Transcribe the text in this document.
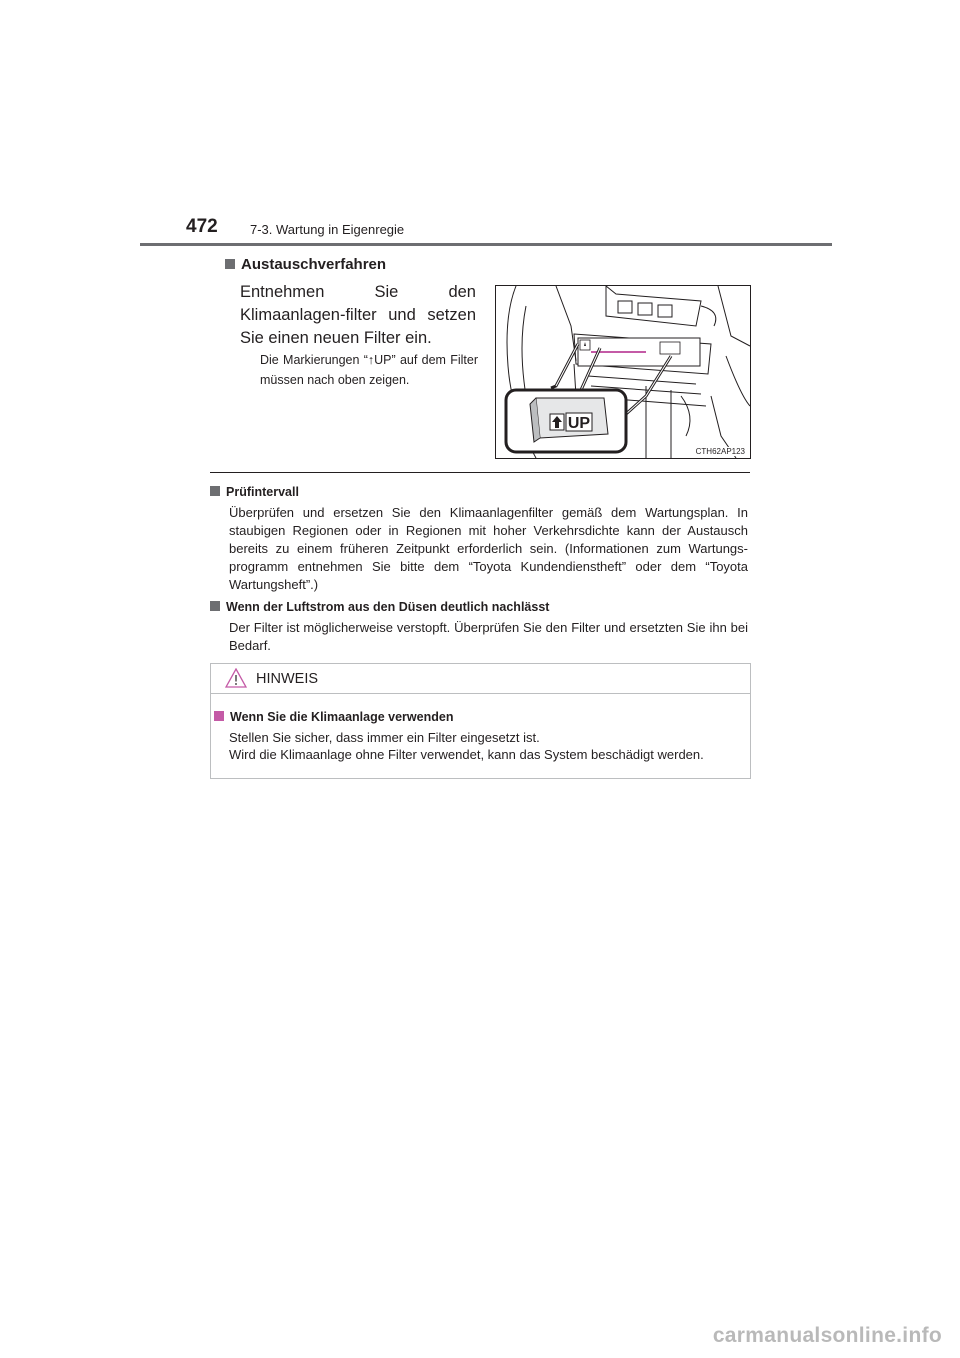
472 7-3. Wartung in Eigenregie
Austauschverfahren
Entnehmen Sie den Klimaanlagen-filter und setzen Sie einen neuen Filter ein.
Die Markierungen “↑UP” auf dem Filter müssen nach oben zeigen.
UP
CTH62AP123
Prüfintervall
Überprüfen und ersetzen Sie den Klimaanlagenfilter gemäß dem Wartungsplan. In staubigen Regionen oder in Regionen mit hoher Verkehrsdichte kann der Austausch bereits zu einem früheren Zeitpunkt erforderlich sein. (Informationen zum Wartungs-programm entnehmen Sie bitte dem “Toyota Kundendienstheft” oder dem “Toyota Wartungsheft”.)
Wenn der Luftstrom aus den Düsen deutlich nachlässt
Der Filter ist möglicherweise verstopft. Überprüfen Sie den Filter und ersetzten Sie ihn bei Bedarf.
HINWEIS
Wenn Sie die Klimaanlage verwenden
Stellen Sie sicher, dass immer ein Filter eingesetzt ist.
Wird die Klimaanlage ohne Filter verwendet, kann das System beschädigt werden.
carmanualsonline.info
